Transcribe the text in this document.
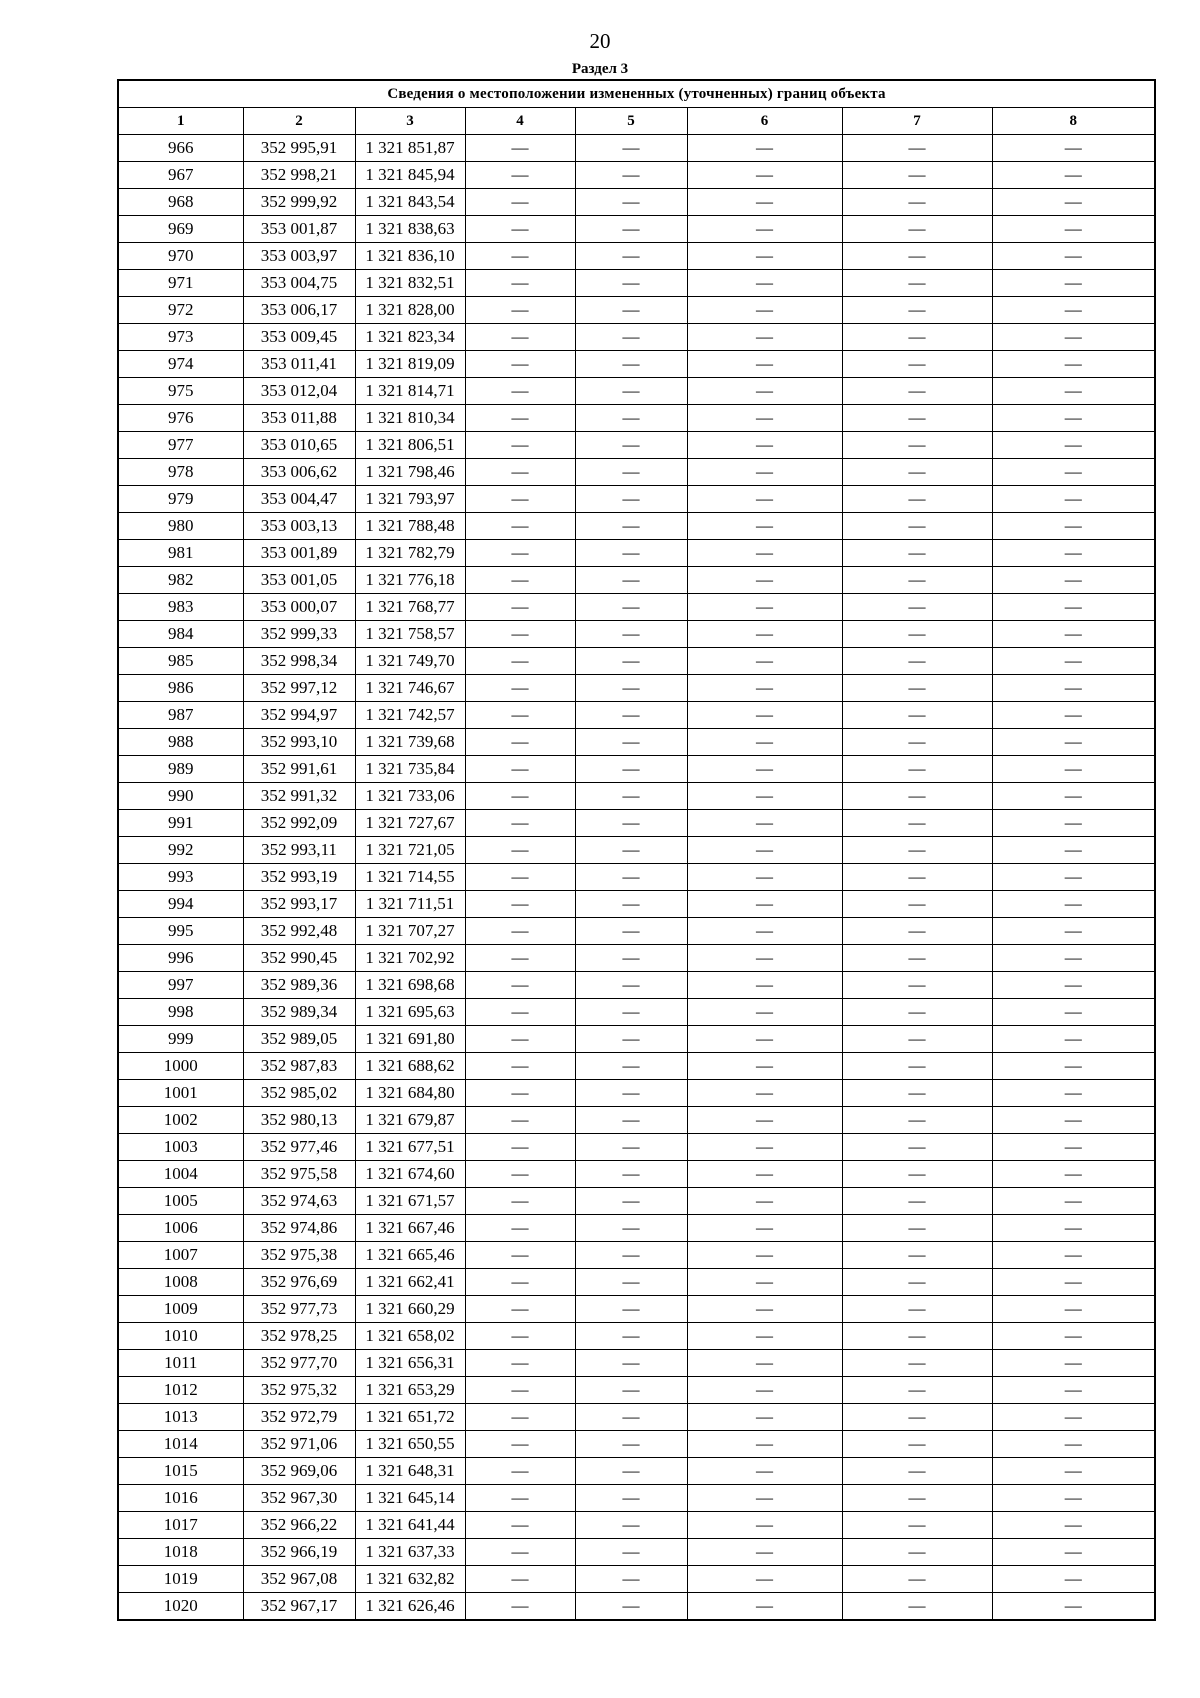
20
Раздел 3
Сведения о местоположении измененных (уточненных) границ объекта							
1	2	3	4	5	6	7	8
966	352 995,91	1 321 851,87	—	—	—	—	—
967	352 998,21	1 321 845,94	—	—	—	—	—
968	352 999,92	1 321 843,54	—	—	—	—	—
969	353 001,87	1 321 838,63	—	—	—	—	—
970	353 003,97	1 321 836,10	—	—	—	—	—
971	353 004,75	1 321 832,51	—	—	—	—	—
972	353 006,17	1 321 828,00	—	—	—	—	—
973	353 009,45	1 321 823,34	—	—	—	—	—
974	353 011,41	1 321 819,09	—	—	—	—	—
975	353 012,04	1 321 814,71	—	—	—	—	—
976	353 011,88	1 321 810,34	—	—	—	—	—
977	353 010,65	1 321 806,51	—	—	—	—	—
978	353 006,62	1 321 798,46	—	—	—	—	—
979	353 004,47	1 321 793,97	—	—	—	—	—
980	353 003,13	1 321 788,48	—	—	—	—	—
981	353 001,89	1 321 782,79	—	—	—	—	—
982	353 001,05	1 321 776,18	—	—	—	—	—
983	353 000,07	1 321 768,77	—	—	—	—	—
984	352 999,33	1 321 758,57	—	—	—	—	—
985	352 998,34	1 321 749,70	—	—	—	—	—
986	352 997,12	1 321 746,67	—	—	—	—	—
987	352 994,97	1 321 742,57	—	—	—	—	—
988	352 993,10	1 321 739,68	—	—	—	—	—
989	352 991,61	1 321 735,84	—	—	—	—	—
990	352 991,32	1 321 733,06	—	—	—	—	—
991	352 992,09	1 321 727,67	—	—	—	—	—
992	352 993,11	1 321 721,05	—	—	—	—	—
993	352 993,19	1 321 714,55	—	—	—	—	—
994	352 993,17	1 321 711,51	—	—	—	—	—
995	352 992,48	1 321 707,27	—	—	—	—	—
996	352 990,45	1 321 702,92	—	—	—	—	—
997	352 989,36	1 321 698,68	—	—	—	—	—
998	352 989,34	1 321 695,63	—	—	—	—	—
999	352 989,05	1 321 691,80	—	—	—	—	—
1000	352 987,83	1 321 688,62	—	—	—	—	—
1001	352 985,02	1 321 684,80	—	—	—	—	—
1002	352 980,13	1 321 679,87	—	—	—	—	—
1003	352 977,46	1 321 677,51	—	—	—	—	—
1004	352 975,58	1 321 674,60	—	—	—	—	—
1005	352 974,63	1 321 671,57	—	—	—	—	—
1006	352 974,86	1 321 667,46	—	—	—	—	—
1007	352 975,38	1 321 665,46	—	—	—	—	—
1008	352 976,69	1 321 662,41	—	—	—	—	—
1009	352 977,73	1 321 660,29	—	—	—	—	—
1010	352 978,25	1 321 658,02	—	—	—	—	—
1011	352 977,70	1 321 656,31	—	—	—	—	—
1012	352 975,32	1 321 653,29	—	—	—	—	—
1013	352 972,79	1 321 651,72	—	—	—	—	—
1014	352 971,06	1 321 650,55	—	—	—	—	—
1015	352 969,06	1 321 648,31	—	—	—	—	—
1016	352 967,30	1 321 645,14	—	—	—	—	—
1017	352 966,22	1 321 641,44	—	—	—	—	—
1018	352 966,19	1 321 637,33	—	—	—	—	—
1019	352 967,08	1 321 632,82	—	—	—	—	—
1020	352 967,17	1 321 626,46	—	—	—	—	—
